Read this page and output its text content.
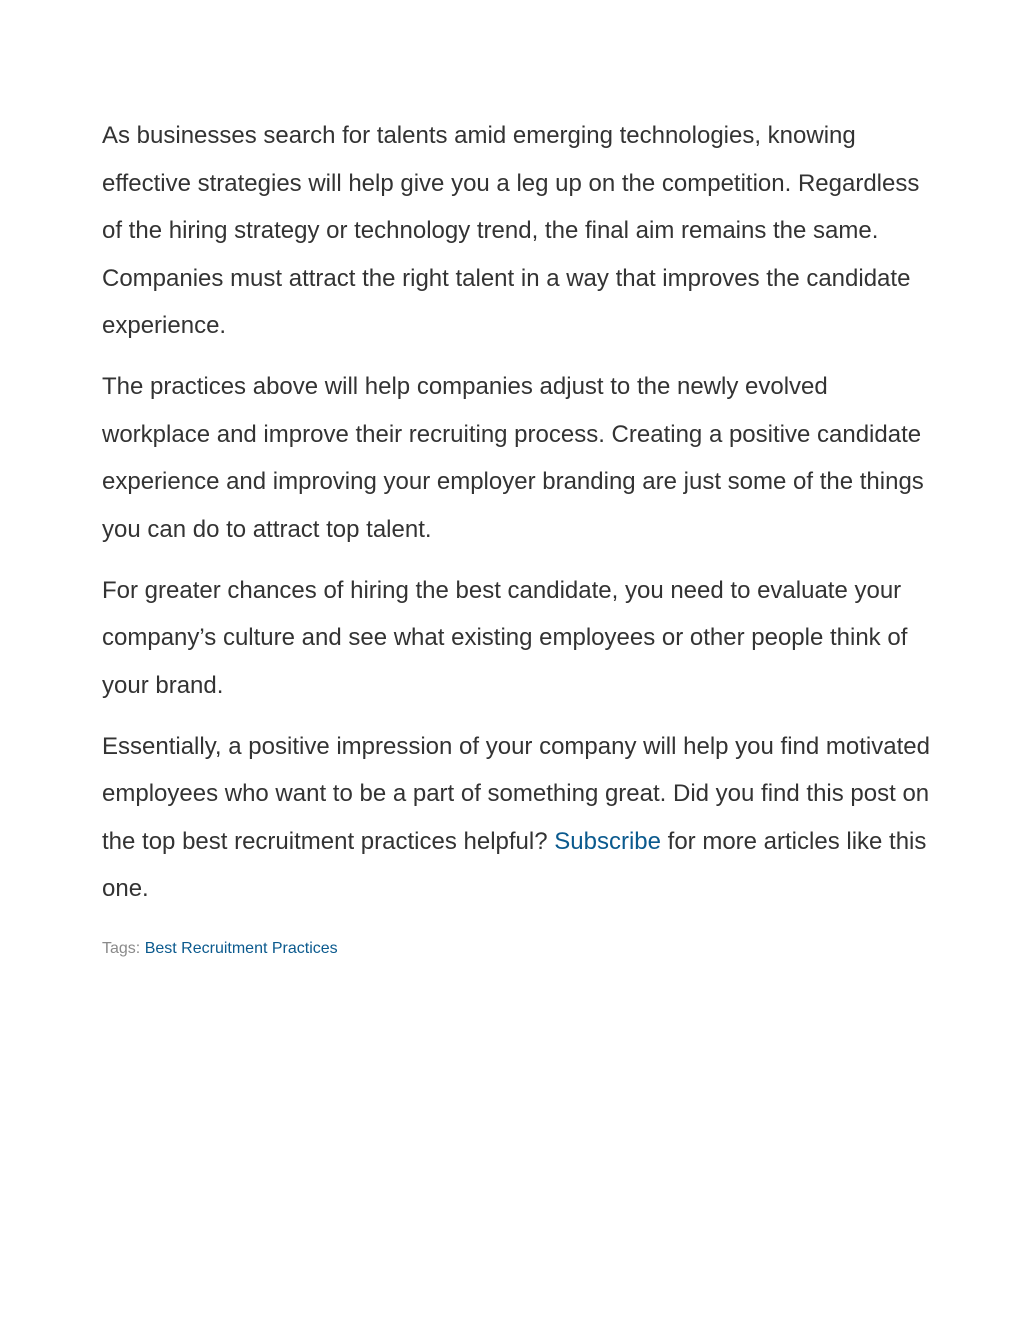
As businesses search for talents amid emerging technologies, knowing effective strategies will help give you a leg up on the competition. Regardless of the hiring strategy or technology trend, the final aim remains the same. Companies must attract the right talent in a way that improves the candidate experience.

The practices above will help companies adjust to the newly evolved workplace and improve their recruiting process. Creating a positive candidate experience and improving your employer branding are just some of the things you can do to attract top talent.

For greater chances of hiring the best candidate, you need to evaluate your company’s culture and see what existing employees or other people think of your brand.

Essentially, a positive impression of your company will help you find motivated employees who want to be a part of something great. Did you find this post on the top best recruitment practices helpful? Subscribe for more articles like this one.

Tags: Best Recruitment Practices
